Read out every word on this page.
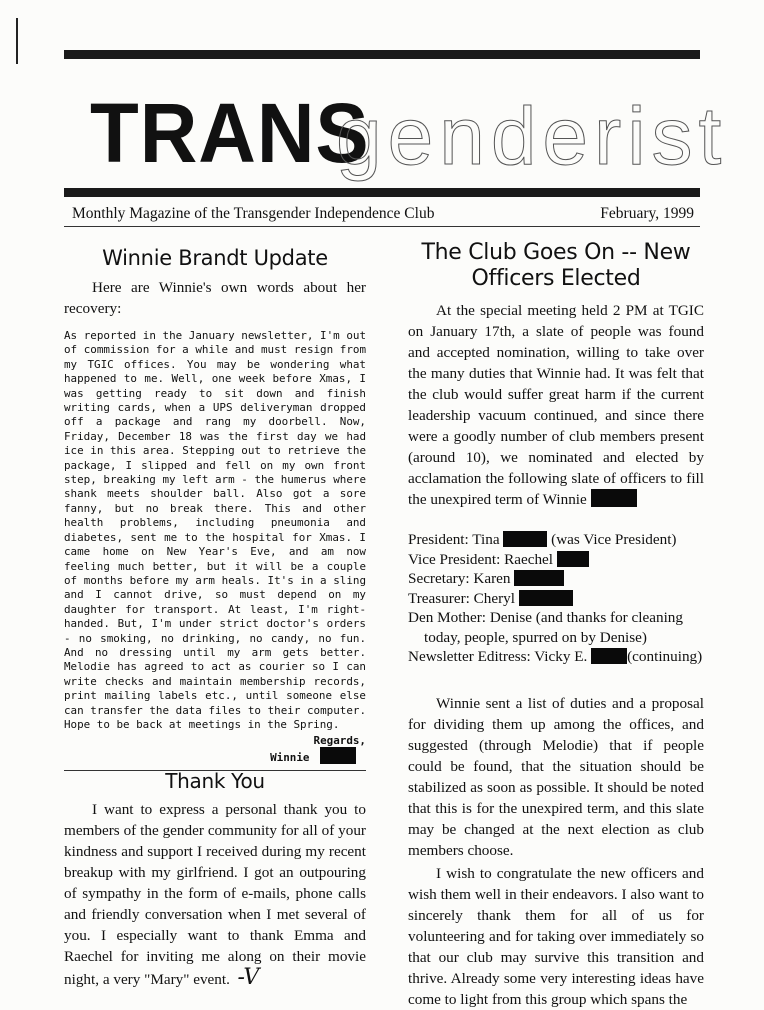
TRANS
genderist
Monthly Magazine of the Transgender Independence Club	February, 1999
Winnie Brandt Update

Here are Winnie's own words about her recovery:

As reported in the January newsletter, I'm out of commission for a while and must resign from my TGIC offices. You may be wondering what happened to me. Well, one week before Xmas, I was getting ready to sit down and finish writing cards, when a UPS deliveryman dropped off a package and rang my doorbell. Now, Friday, December 18 was the first day we had ice in this area. Stepping out to retrieve the package, I slipped and fell on my own front step, breaking my left arm - the humerus where shank meets shoulder ball. Also got a sore fanny, but no break there. This and other health problems, including pneumonia and diabetes, sent me to the hospital for Xmas. I came home on New Year's Eve, and am now feeling much better, but it will be a couple of months before my arm heals. It's in a sling and I cannot drive, so must depend on my daughter for transport. At least, I'm right-handed. But, I'm under strict doctor's orders - no smoking, no drinking, no candy, no fun. And no dressing until my arm gets better. Melodie has agreed to act as courier so I can write checks and maintain membership records, print mailing labels etc., until someone else can transfer the data files to their computer. Hope to be back at meetings in the Spring.

Regards,
Winnie
Thank You

I want to express a personal thank you to members of the gender community for all of your kindness and support I received during my recent breakup with my girlfriend. I got an outpouring of sympathy in the form of e-mails, phone calls and friendly conversation when I met several of you. I especially want to thank Emma and Raechel for inviting me along on their movie night, a very "Mary" event. -V

The Club Goes On -- New Officers Elected

At the special meeting held 2 PM at TGIC on January 17th, a slate of people was found and accepted nomination, willing to take over the many duties that Winnie had. It was felt that the club would suffer great harm if the current leadership vacuum continued, and since there were a goodly number of club members present (around 10), we nominated and elected by acclamation the following slate of officers to fill the unexpired term of Winnie

President: Tina	(was Vice President)
Vice President: Raechel
Secretary: Karen
Treasurer: Cheryl
Den Mother: Denise (and thanks for cleaning today, people, spurred on by Denise)
Newsletter Editress: Vicky E.	(continuing)

Winnie sent a list of duties and a proposal for dividing them up among the offices, and suggested (through Melodie) that if people could be found, that the situation should be stabilized as soon as possible. It should be noted that this is for the unexpired term, and this slate may be changed at the next election as club members choose.

I wish to congratulate the new officers and wish them well in their endeavors. I also want to sincerely thank them for all of us for volunteering and for taking over immediately so that our club may survive this transition and thrive. Already some very interesting ideas have come to light from this group which spans the
